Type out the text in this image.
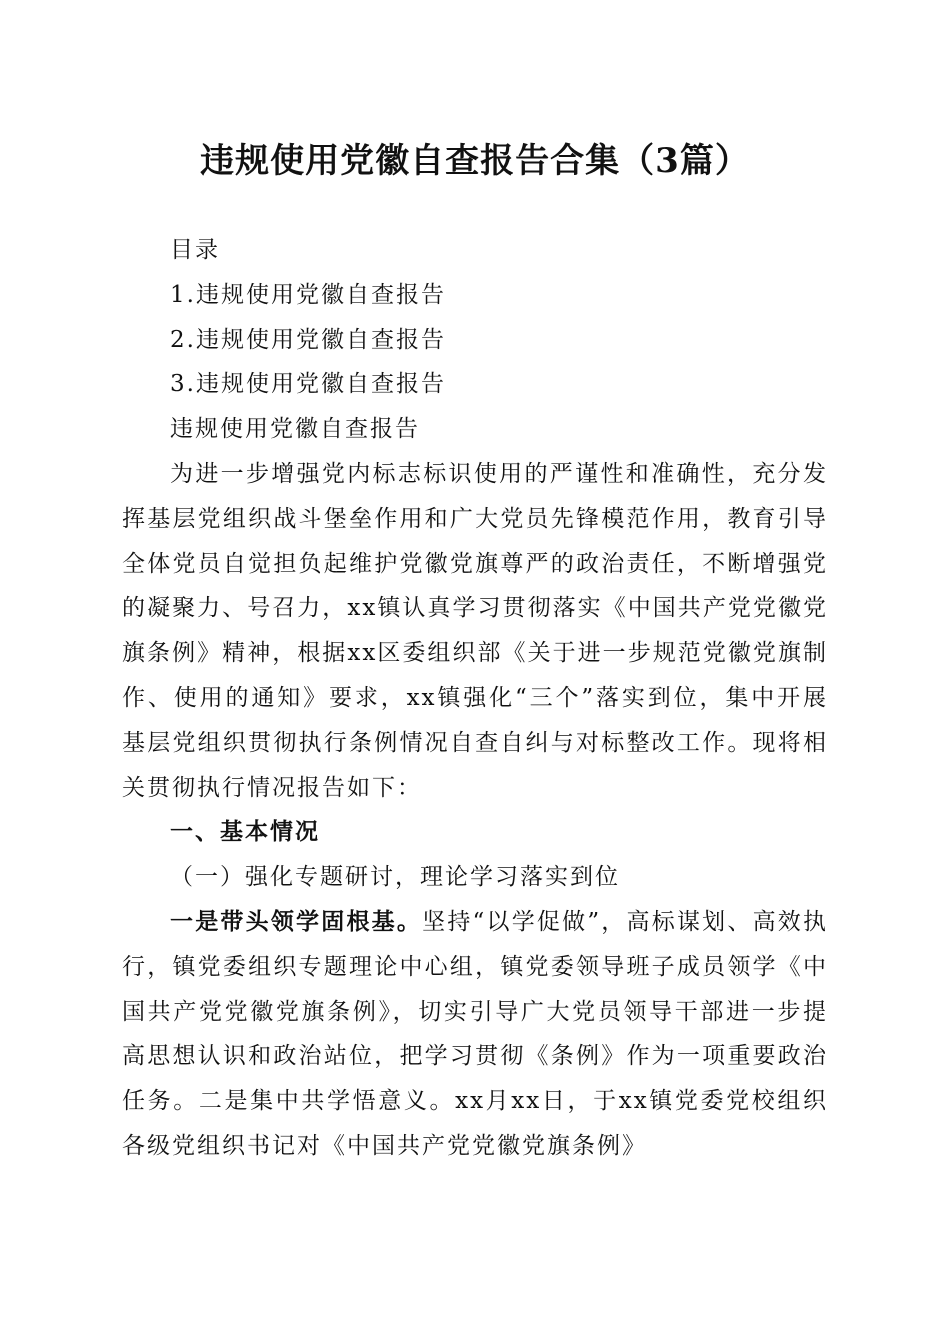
违规使用党徽自查报告合集（3篇）
目录
1.违规使用党徽自查报告
2.违规使用党徽自查报告
3.违规使用党徽自查报告
违规使用党徽自查报告
为进一步增强党内标志标识使用的严谨性和准确性，充分发挥基层党组织战斗堡垒作用和广大党员先锋模范作用，教育引导全体党员自觉担负起维护党徽党旗尊严的政治责任，不断增强党的凝聚力、号召力，xx镇认真学习贯彻落实《中国共产党党徽党旗条例》精神，根据xx区委组织部《关于进一步规范党徽党旗制作、使用的通知》要求，xx镇强化“三个”落实到位，集中开展基层党组织贯彻执行条例情况自查自纠与对标整改工作。现将相关贯彻执行情况报告如下：
一、基本情况
（一）强化专题研讨，理论学习落实到位
一是带头领学固根基。坚持“以学促做”，高标谋划、高效执行，镇党委组织专题理论中心组，镇党委领导班子成员领学《中国共产党党徽党旗条例》，切实引导广大党员领导干部进一步提高思想认识和政治站位，把学习贯彻《条例》作为一项重要政治任务。二是集中共学悟意义。xx月xx日，于xx镇党委党校组织各级党组织书记对《中国共产党党徽党旗条例》
